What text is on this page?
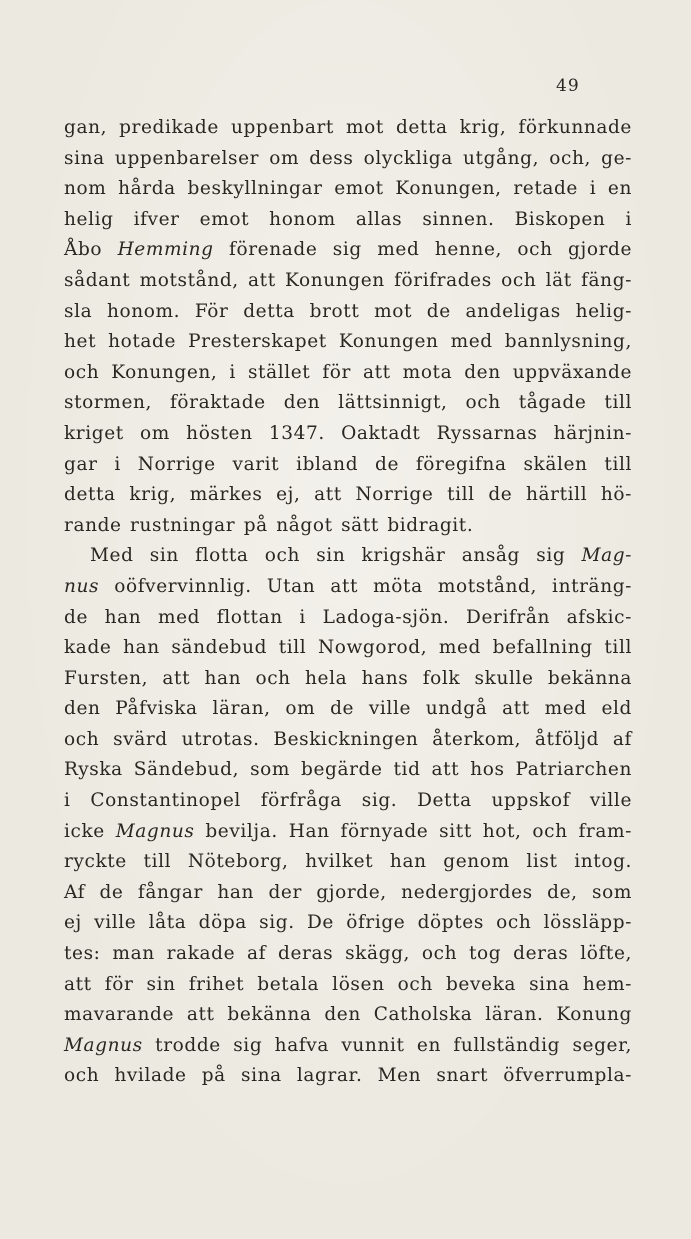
49
gan, predikade uppenbart mot detta krig, förkunnade
sina uppenbarelser om dess olyckliga utgång, och, ge-
nom hårda beskyllningar emot Konungen, retade i en
helig ifver emot honom allas sinnen. Biskopen i
Åbo Hemming förenade sig med henne, och gjorde
sådant motstånd, att Konungen förifrades och lät fäng-
sla honom. För detta brott mot de andeligas helig-
het hotade Presterskapet Konungen med bannlysning,
och Konungen, i stället för att mota den uppväxande
stormen, föraktade den lättsinnigt, och tågade till
kriget om hösten 1347. Oaktadt Ryssarnas härjnin-
gar i Norrige varit ibland de föregifna skälen till
detta krig, märkes ej, att Norrige till de härtill hö-
rande rustningar på något sätt bidragit.
Med sin flotta och sin krigshär ansåg sig Mag-
nus oöfvervinnlig. Utan att möta motstånd, inträng-
de han med flottan i Ladoga-sjön. Derifrån afskic-
kade han sändebud till Nowgorod, med befallning till
Fursten, att han och hela hans folk skulle bekänna
den Påfviska läran, om de ville undgå att med eld
och svärd utrotas. Beskickningen återkom, åtföljd af
Ryska Sändebud, som begärde tid att hos Patriarchen
i Constantinopel förfråga sig. Detta uppskof ville
icke Magnus bevilja. Han förnyade sitt hot, och fram-
ryckte till Nöteborg, hvilket han genom list intog.
Af de fångar han der gjorde, nedergjordes de, som
ej ville låta döpa sig. De öfrige döptes och lössläpp-
tes: man rakade af deras skägg, och tog deras löfte,
att för sin frihet betala lösen och beveka sina hem-
mavarande att bekänna den Catholska läran. Konung
Magnus trodde sig hafva vunnit en fullständig seger,
och hvilade på sina lagrar. Men snart öfverrumpla-
